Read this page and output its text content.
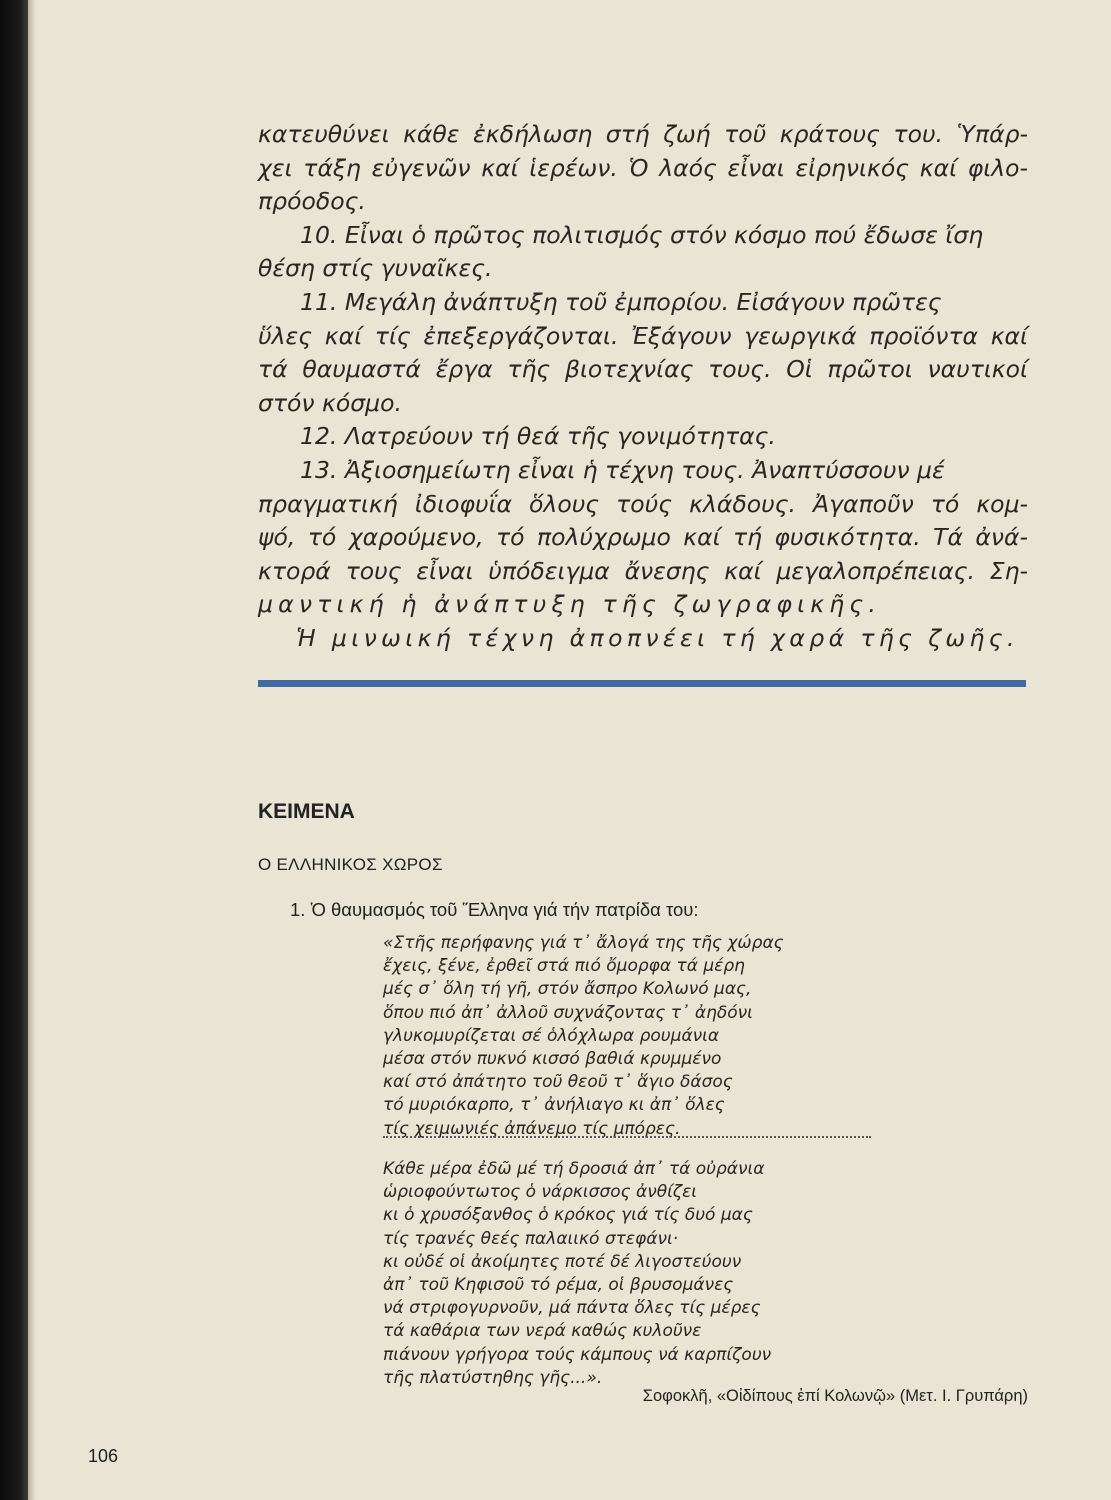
κατευθύνει κάθε ἐκδήλωση στή ζωή τοῦ κράτους του. Ὑπάρ-

χει τάξη εὐγενῶν καί ἱερέων. Ὁ λαός εἶναι εἰρηνικός καί φιλο-

πρόοδος.

10. Εἶναι ὁ πρῶτος πολιτισμός στόν κόσμο πού ἔδωσε ἴση

θέση στίς γυναῖκες.

11. Μεγάλη ἀνάπτυξη τοῦ ἐμπορίου. Εἰσάγουν πρῶτες

ὕλες καί τίς ἐπεξεργάζονται. Ἐξάγουν γεωργικά προϊόντα καί

τά θαυμαστά ἔργα τῆς βιοτεχνίας τους. Οἱ πρῶτοι ναυτικοί

στόν κόσμο.

12. Λατρεύουν τή θεά τῆς γονιμότητας.

13. Ἀξιοσημείωτη εἶναι ἡ τέχνη τους. Ἀναπτύσσουν μέ

πραγματική ἰδιοφυΐα ὅλους τούς κλάδους. Ἀγαποῦν τό κομ-

ψό, τό χαρούμενο, τό πολύχρωμο καί τή φυσικότητα. Τά ἀνά-

κτορά τους εἶναι ὑπόδειγμα ἄνεσης καί μεγαλοπρέπειας. Ση-

μαντική ἡ ἀνάπτυξη τῆς ζωγραφικῆς.

Ἡ μινωική τέχνη ἀποπνέει τή χαρά τῆς ζωῆς.

ΚΕΙΜΕΝΑ
Ο ΕΛΛΗΝΙΚΟΣ ΧΩΡΟΣ
1. Ὁ θαυμασμός τοῦ Ἕλληνα γιά τήν πατρίδα του:

«Στῆς περήφανης γιά τ᾽ ἄλογά της τῆς χώρας

ἔχεις, ξένε, ἐρθεῖ στά πιό ὄμορφα τά μέρη

μές σ᾽ ὅλη τή γῆ, στόν ἄσπρο Κολωνό μας,

ὅπου πιό ἀπ᾽ ἀλλοῦ συχνάζοντας τ᾽ ἀηδόνι

γλυκομυρίζεται σέ ὁλόχλωρα ρουμάνια

μέσα στόν πυκνό κισσό βαθιά κρυμμένο

καί στό ἀπάτητο τοῦ θεοῦ τ᾽ ἅγιο δάσος

τό μυριόκαρπο, τ᾽ ἀνήλιαγο κι ἀπ᾽ ὅλες

τίς χειμωνιές ἀπάνεμο τίς μπόρες.

Κάθε μέρα ἐδῶ μέ τή δροσιά ἀπ᾽ τά οὐράνια

ὡριοφούντωτος ὁ νάρκισσος ἀνθίζει

κι ὁ χρυσόξανθος ὁ κρόκος γιά τίς δυό μας

τίς τρανές θεές παλαιικό στεφάνι·

κι οὐδέ οἱ ἀκοίμητες ποτέ δέ λιγοστεύουν

ἀπ᾽ τοῦ Κηφισοῦ τό ρέμα, οἱ βρυσομάνες

νά στριφογυρνοῦν, μά πάντα ὅλες τίς μέρες

τά καθάρια των νερά καθώς κυλοῦνε

πιάνουν γρήγορα τούς κάμπους νά καρπίζουν

τῆς πλατύστηθης γῆς...».

Σοφοκλῆ, «Οἰδίπους ἐπί Κολωνῷ» (Μετ. Ι. Γρυπάρη)
106
